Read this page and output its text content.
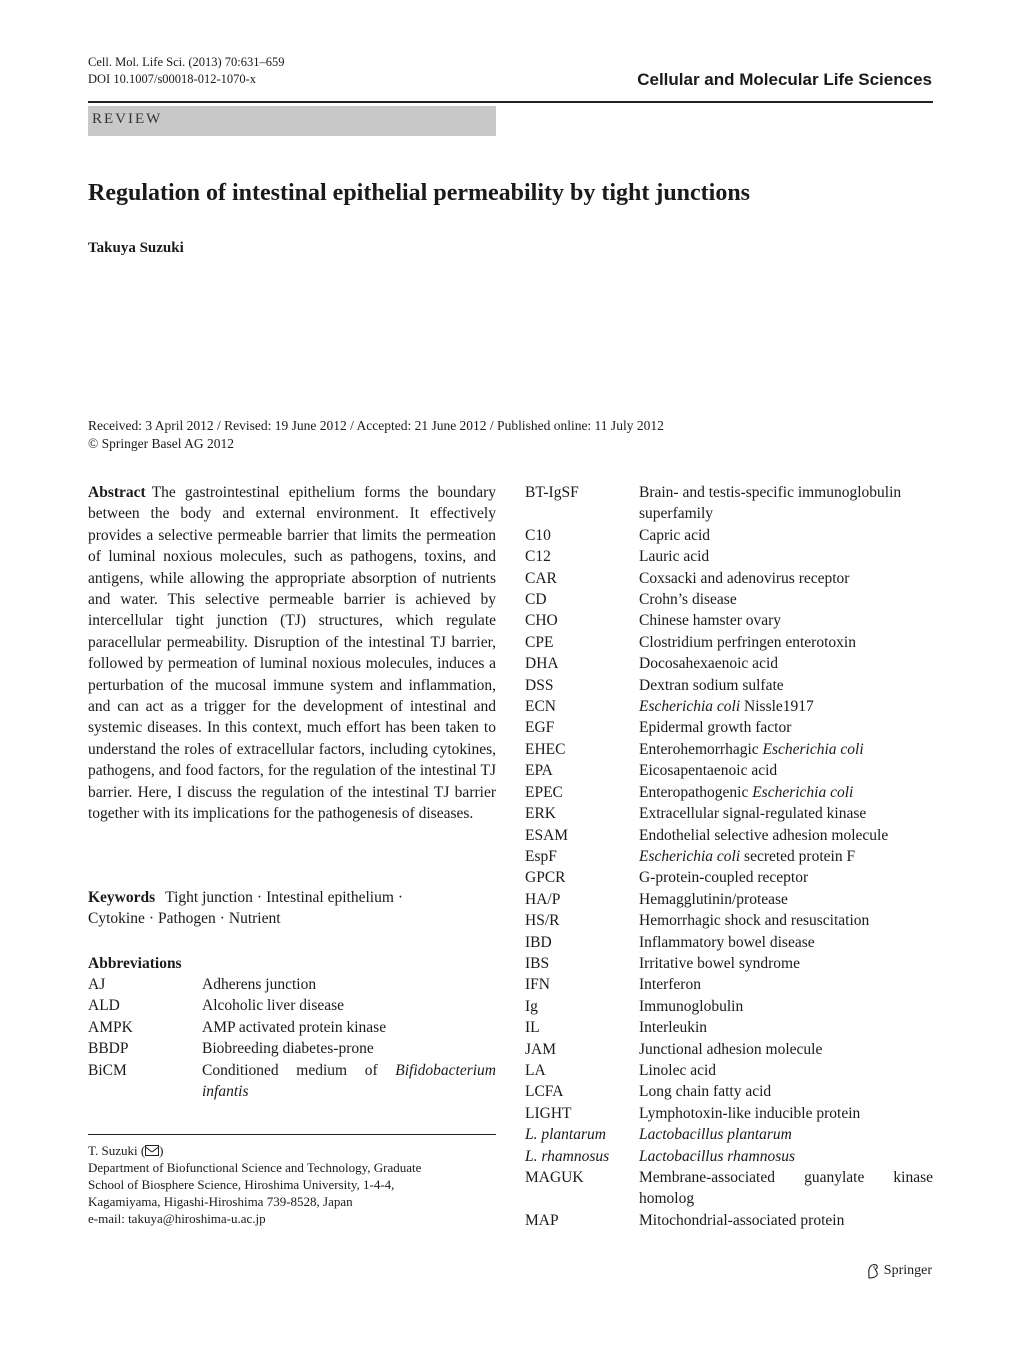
Cell. Mol. Life Sci. (2013) 70:631–659
DOI 10.1007/s00018-012-1070-x	Cellular and Molecular Life Sciences
REVIEW
Regulation of intestinal epithelial permeability by tight junctions
Takuya Suzuki
Received: 3 April 2012 / Revised: 19 June 2012 / Accepted: 21 June 2012 / Published online: 11 July 2012
© Springer Basel AG 2012
Abstract The gastrointestinal epithelium forms the boundary between the body and external environment. It effectively provides a selective permeable barrier that limits the permeation of luminal noxious molecules, such as pathogens, toxins, and antigens, while allowing the appropriate absorption of nutrients and water. This selective permeable barrier is achieved by intercellular tight junction (TJ) structures, which regulate paracellular permeability. Disruption of the intestinal TJ barrier, followed by permeation of luminal noxious molecules, induces a perturbation of the mucosal immune system and inflammation, and can act as a trigger for the development of intestinal and systemic diseases. In this context, much effort has been taken to understand the roles of extracellular factors, including cytokines, pathogens, and food factors, for the regulation of the intestinal TJ barrier. Here, I discuss the regulation of the intestinal TJ barrier together with its implications for the pathogenesis of diseases.
Keywords Tight junction · Intestinal epithelium ·
Cytokine · Pathogen · Nutrient
Abbreviations
AJ	Adherens junction
ALD	Alcoholic liver disease
AMPK	AMP activated protein kinase
BBDP	Biobreeding diabetes-prone
BiCM	Conditioned medium of Bifidobacterium infantis
BT-IgSF	Brain- and testis-specific immunoglobulin superfamily
C10	Capric acid
C12	Lauric acid
CAR	Coxsacki and adenovirus receptor
CD	Crohn’s disease
CHO	Chinese hamster ovary
CPE	Clostridium perfringen enterotoxin
DHA	Docosahexaenoic acid
DSS	Dextran sodium sulfate
ECN	Escherichia coli Nissle1917
EGF	Epidermal growth factor
EHEC	Enterohemorrhagic Escherichia coli
EPA	Eicosapentaenoic acid
EPEC	Enteropathogenic Escherichia coli
ERK	Extracellular signal-regulated kinase
ESAM	Endothelial selective adhesion molecule
EspF	Escherichia coli secreted protein F
GPCR	G-protein-coupled receptor
HA/P	Hemagglutinin/protease
HS/R	Hemorrhagic shock and resuscitation
IBD	Inflammatory bowel disease
IBS	Irritative bowel syndrome
IFN	Interferon
Ig	Immunoglobulin
IL	Interleukin
JAM	Junctional adhesion molecule
LA	Linolec acid
LCFA	Long chain fatty acid
LIGHT	Lymphotoxin-like inducible protein
L. plantarum	Lactobacillus plantarum
L. rhamnosus	Lactobacillus rhamnosus
MAGUK	Membrane-associated guanylate kinase homolog
MAP	Mitochondrial-associated protein
T. Suzuki ( )
Department of Biofunctional Science and Technology, Graduate
School of Biosphere Science, Hiroshima University, 1-4-4,
Kagamiyama, Higashi-Hiroshima 739-8528, Japan
e-mail: takuya@hiroshima-u.ac.jp
Springer
